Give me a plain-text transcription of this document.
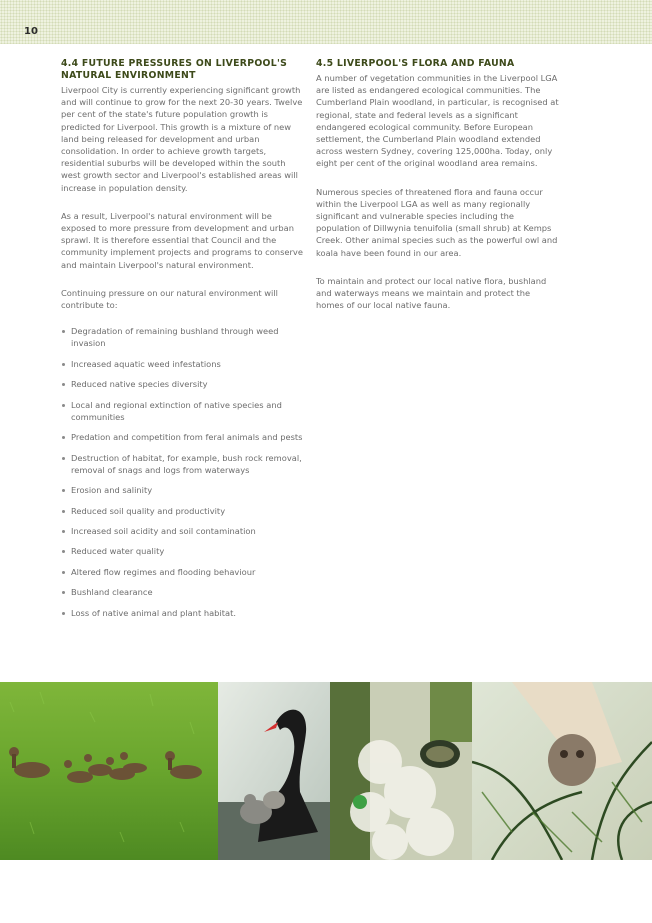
10
4.4 FUTURE PRESSURES ON LIVERPOOL'S
NATURAL ENVIRONMENT

Liverpool City is currently experiencing significant growth and will continue to grow for the next 20-30 years. Twelve per cent of the state's future population growth is predicted for Liverpool. This growth is a mixture of new land being released for development and urban consolidation. In order to achieve growth targets, residential suburbs will be developed within the south west growth sector and Liverpool's established areas will increase in population density.

As a result, Liverpool's natural environment will be exposed to more pressure from development and urban sprawl. It is therefore essential that Council and the community implement projects and programs to conserve and maintain Liverpool's natural environment.

Continuing pressure on our natural environment will contribute to:

Degradation of remaining bushland through weed invasion
Increased aquatic weed infestations
Reduced native species diversity
Local and regional extinction of native species and communities
Predation and competition from feral animals and pests
Destruction of habitat, for example, bush rock removal, removal of snags and logs from waterways
Erosion and salinity
Reduced soil quality and productivity
Increased soil acidity and soil contamination
Reduced water quality
Altered flow regimes and flooding behaviour
Bushland clearance
Loss of native animal and plant habitat.
4.5 LIVERPOOL'S FLORA AND FAUNA

A number of vegetation communities in the Liverpool LGA are listed as endangered ecological communities. The Cumberland Plain woodland, in particular, is recognised at regional, state and federal levels as a significant endangered ecological community. Before European settlement, the Cumberland Plain woodland extended across western Sydney, covering 125,000ha. Today, only eight per cent of the original woodland area remains.

Numerous species of threatened flora and fauna occur within the Liverpool LGA as well as many regionally significant and vulnerable species including the population of Dillwynia tenuifolia (small shrub) at Kemps Creek. Other animal species such as the powerful owl and koala have been found in our area.

To maintain and protect our local native flora, bushland and waterways means we maintain and protect the homes of our local native fauna.
